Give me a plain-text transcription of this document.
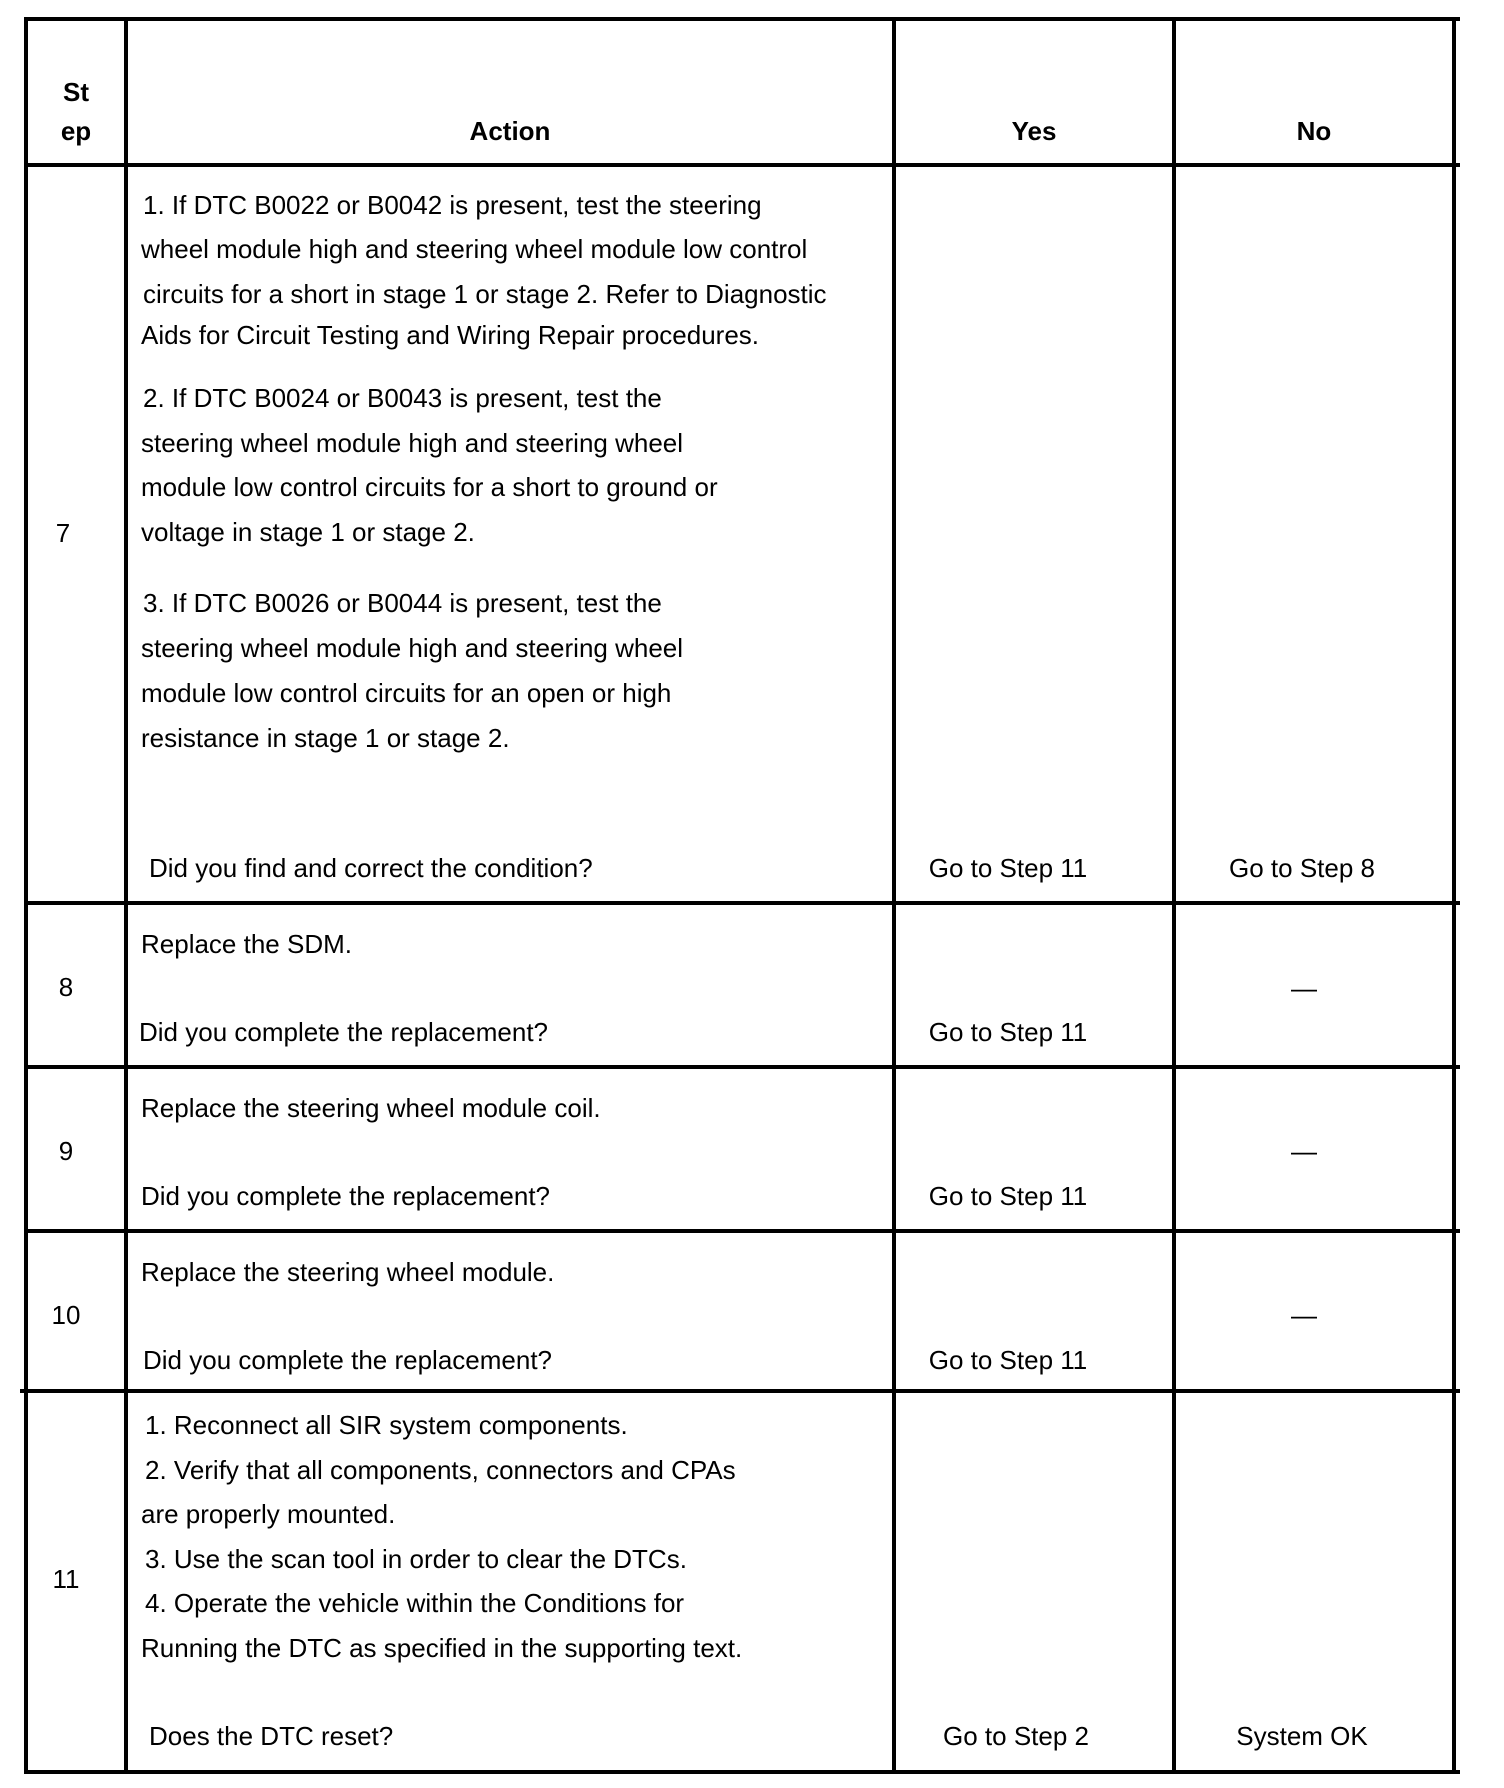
St
ep	Action	Yes	No
7
1. If DTC B0022 or B0042 is present, test the steering
wheel module high and steering wheel module low control
circuits for a short in stage 1 or stage 2. Refer to Diagnostic
Aids for Circuit Testing and Wiring Repair procedures.
2. If DTC B0024 or B0043 is present, test the
steering wheel module high and steering wheel
module low control circuits for a short to ground or
voltage in stage 1 or stage 2.
3. If DTC B0026 or B0044 is present, test the
steering wheel module high and steering wheel
module low control circuits for an open or high
resistance in stage 1 or stage 2.
Did you find and correct the condition?	Go to Step 11	Go to Step 8
8
Replace the SDM.
Did you complete the replacement?	Go to Step 11
—
9
Replace the steering wheel module coil.
Did you complete the replacement?	Go to Step 11
—
10
Replace the steering wheel module.
Did you complete the replacement?	Go to Step 11
—
11
1. Reconnect all SIR system components.
2. Verify that all components, connectors and CPAs
are properly mounted.
3. Use the scan tool in order to clear the DTCs.
4. Operate the vehicle within the Conditions for
Running the DTC as specified in the supporting text.
Does the DTC reset?	Go to Step 2	System OK
